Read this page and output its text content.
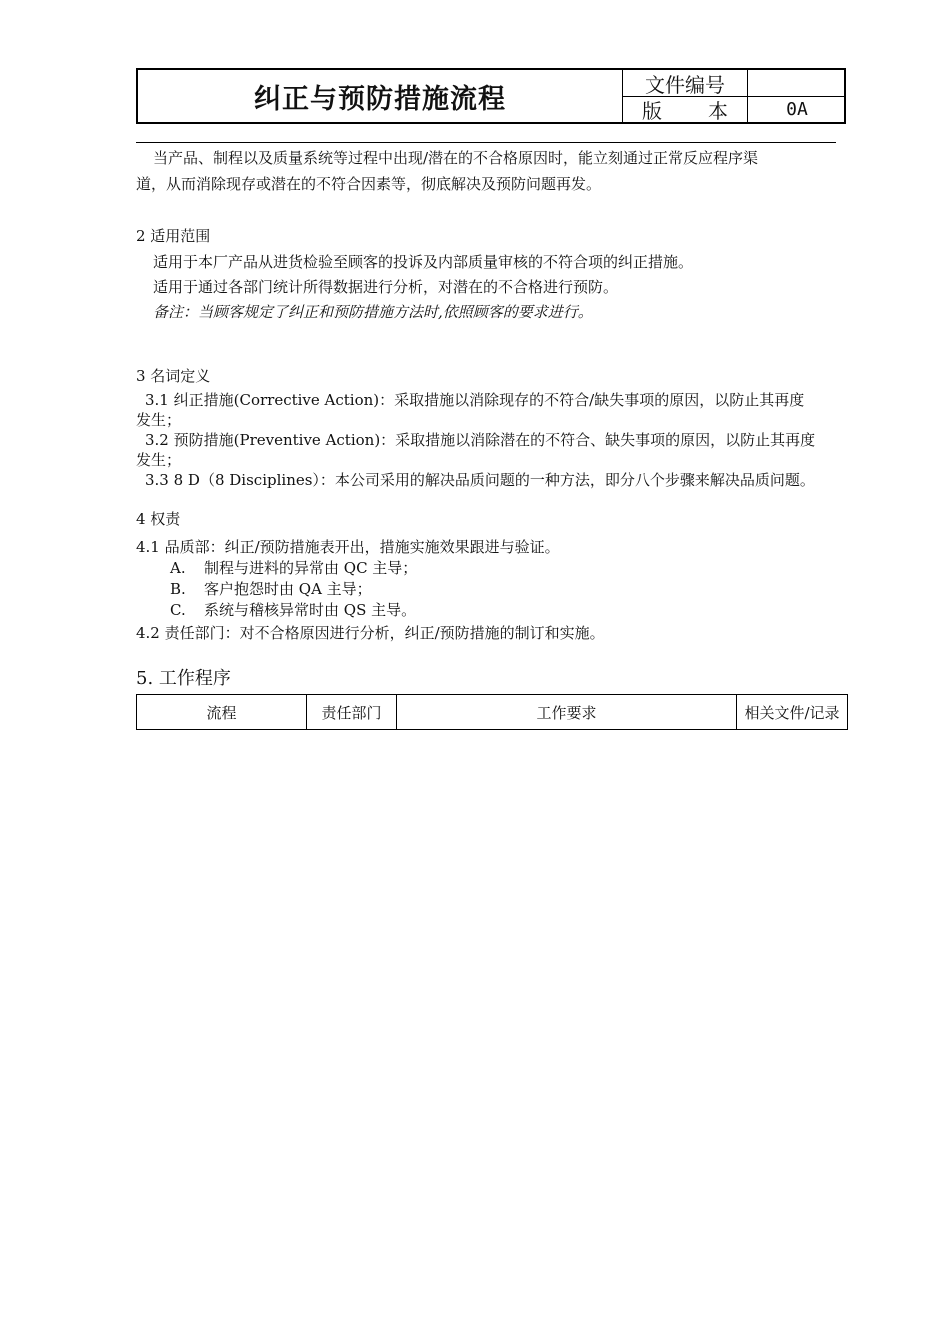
纠正与预防措施流程	文件编号
版 本	0A
当产品、制程以及质量系统等过程中出现/潜在的不合格原因时，能立刻通过正常反应程序渠
道，从而消除现存或潜在的不符合因素等，彻底解决及预防问题再发。
2 适用范围
适用于本厂产品从进货检验至顾客的投诉及内部质量审核的不符合项的纠正措施。
适用于通过各部门统计所得数据进行分析，对潜在的不合格进行预防。
备注：当顾客规定了纠正和预防措施方法时,依照顾客的要求进行。
3 名词定义
3.1 纠正措施(Corrective Action)：采取措施以消除现存的不符合/缺失事项的原因，以防止其再度
发生；
3.2 预防措施(Preventive Action)：采取措施以消除潜在的不符合、缺失事项的原因，以防止其再度
发生；
3.3 8 D（8 Disciplines）：本公司采用的解决品质问题的一种方法，即分八个步骤来解决品质问题。
4 权责
4.1 品质部：纠正/预防措施表开出，措施实施效果跟进与验证。
A. 制程与进料的异常由 QC 主导；
B. 客户抱怨时由 QA 主导；
C. 系统与稽核异常时由 QS 主导。
4.2 责任部门：对不合格原因进行分析，纠正/预防措施的制订和实施。
5. 工作程序
流程	责任部门	工作要求	相关文件/记录
